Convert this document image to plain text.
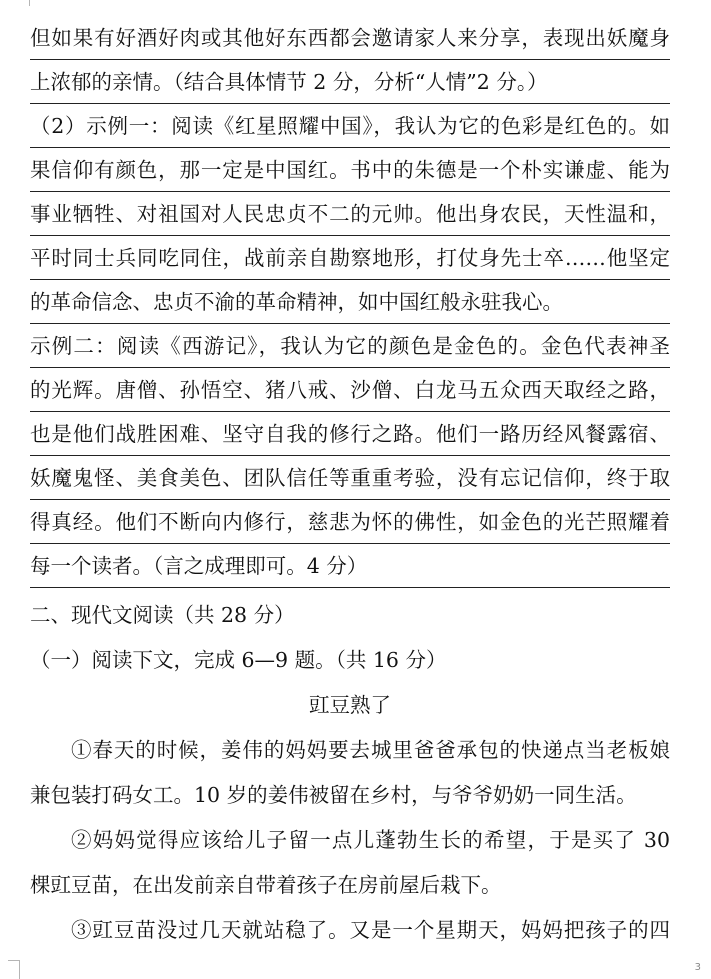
但如果有好酒好肉或其他好东西都会邀请家人来分享，表现出妖魔身
上浓郁的亲情。（结合具体情节 2 分，分析“人情”2 分。）
（2）示例一：阅读《红星照耀中国》，我认为它的色彩是红色的。如
果信仰有颜色，那一定是中国红。书中的朱德是一个朴实谦虚、能为
事业牺牲、对祖国对人民忠贞不二的元帅。他出身农民，天性温和，
平时同士兵同吃同住，战前亲自勘察地形，打仗身先士卒……他坚定
的革命信念、忠贞不渝的革命精神，如中国红般永驻我心。
示例二：阅读《西游记》，我认为它的颜色是金色的。金色代表神圣
的光辉。唐僧、孙悟空、猪八戒、沙僧、白龙马五众西天取经之路，
也是他们战胜困难、坚守自我的修行之路。他们一路历经风餐露宿、
妖魔鬼怪、美食美色、团队信任等重重考验，没有忘记信仰，终于取
得真经。他们不断向内修行，慈悲为怀的佛性，如金色的光芒照耀着
每一个读者。（言之成理即可。4 分）
二、现代文阅读（共 28 分）
（一）阅读下文，完成 6—9 题。（共 16 分）
豇豆熟了
①春天的时候，姜伟的妈妈要去城里爸爸承包的快递点当老板娘
兼包装打码女工。10 岁的姜伟被留在乡村，与爷爷奶奶一同生活。
②妈妈觉得应该给儿子留一点儿蓬勃生长的希望，于是买了 30
棵豇豆苗，在出发前亲自带着孩子在房前屋后栽下。
③豇豆苗没过几天就站稳了。又是一个星期天，妈妈把孩子的四
3
